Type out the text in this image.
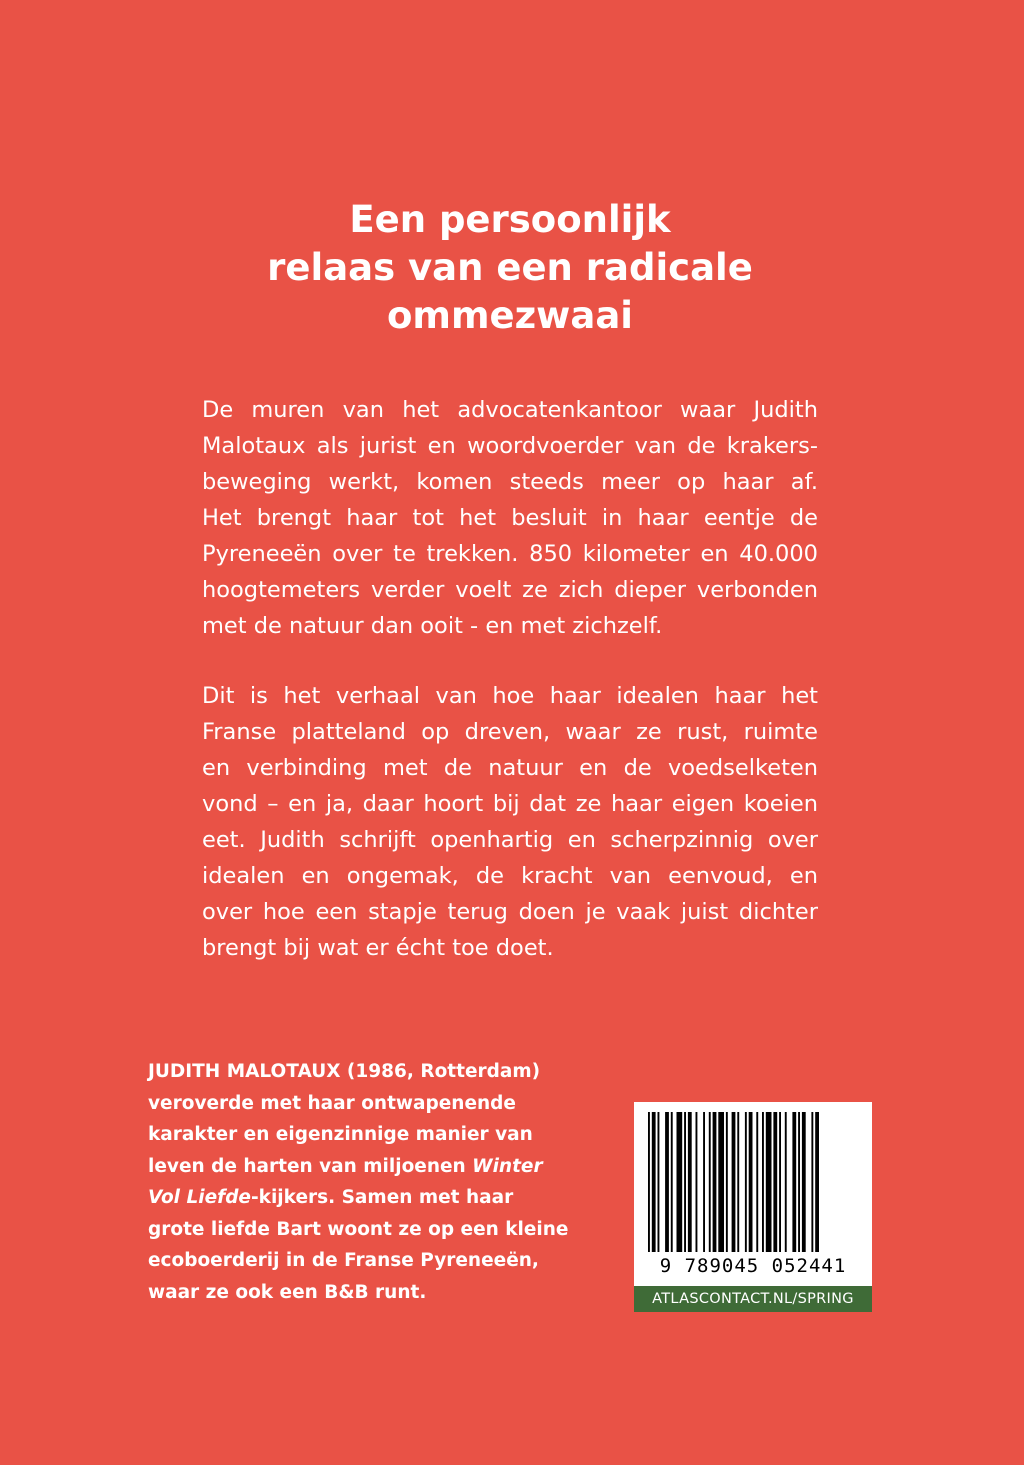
Een persoonlijk
relaas van een radicale
ommezwaai

De muren van het advocatenkantoor waar Judith
Malotaux als jurist en woordvoerder van de krakers-
beweging werkt, komen steeds meer op haar af.
Het brengt haar tot het besluit in haar eentje de
Pyreneeën over te trekken. 850 kilometer en 40.000
hoogtemeters verder voelt ze zich dieper verbonden
met de natuur dan ooit - en met zichzelf.

Dit is het verhaal van hoe haar idealen haar het
Franse platteland op dreven, waar ze rust, ruimte
en verbinding met de natuur en de voedselketen
vond – en ja, daar hoort bij dat ze haar eigen koeien
eet. Judith schrijft openhartig en scherpzinnig over
idealen en ongemak, de kracht van eenvoud, en
over hoe een stapje terug doen je vaak juist dichter
brengt bij wat er écht toe doet.

JUDITH MALOTAUX (1986, Rotterdam)
veroverde met haar ontwapenende
karakter en eigenzinnige manier van
leven de harten van miljoenen Winter
Vol Liefde-kijkers. Samen met haar
grote liefde Bart woont ze op een kleine
ecoboerderij in de Franse Pyreneeën,
waar ze ook een B&B runt.

9 789045 052441
ATLASCONTACT.NL/SPRING
